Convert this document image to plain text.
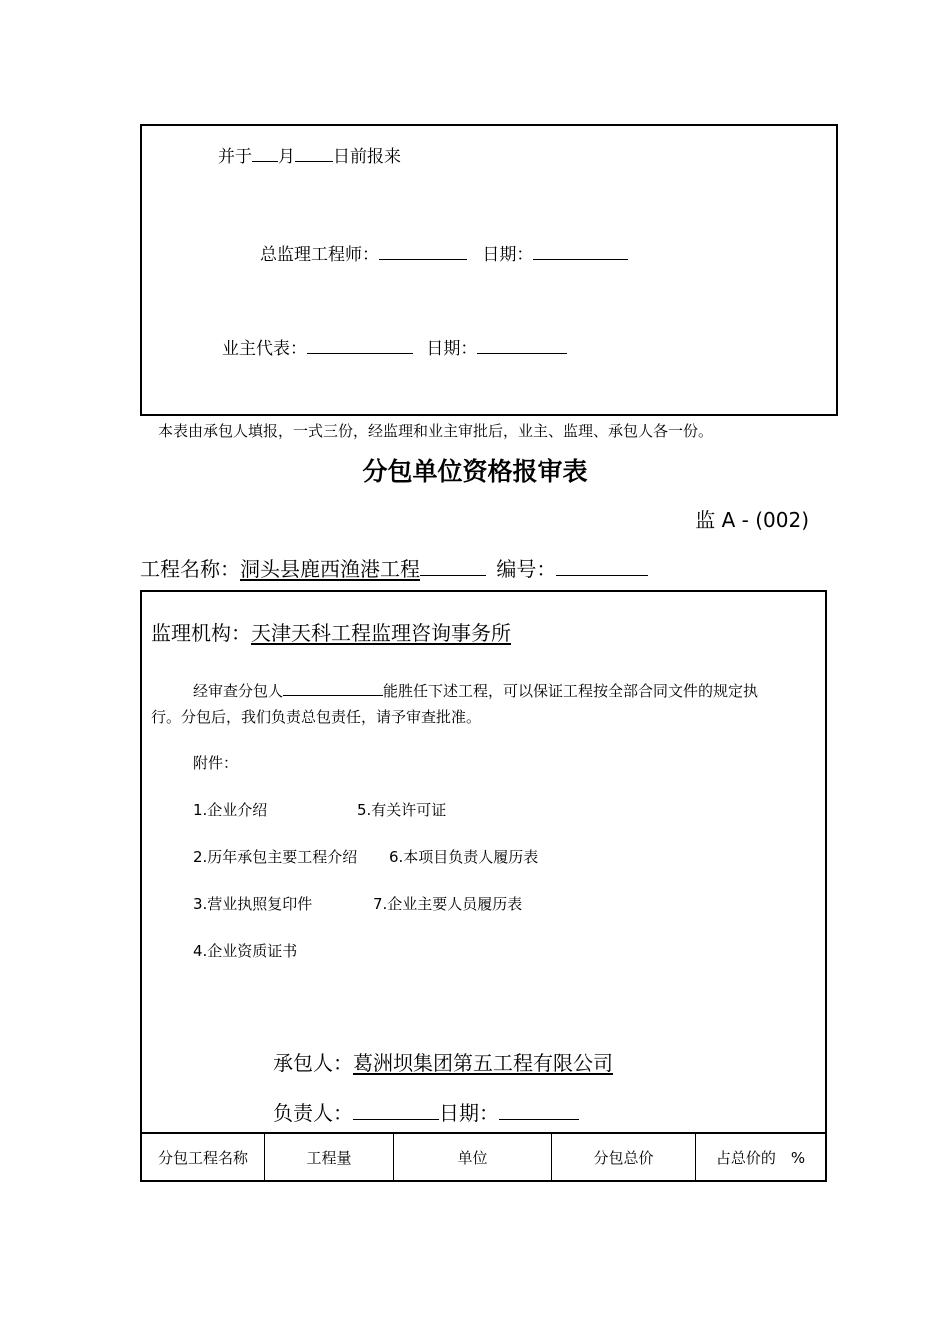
并于 月 日前报来
总监理工程师：	日期：
业主代表：	日期：
本表由承包人填报，一式三份，经监理和业主审批后，业主、监理、承包人各一份。
分包单位资格报审表
监 A - (002)
工程名称：洞头县鹿西渔港工程	编号：
监理机构：天津天科工程监理咨询事务所
经审查分包人	能胜任下述工程，可以保证工程按全部合同文件的规定执
行。分包后，我们负责总包责任，请予审查批准。
附件：
1.企业介绍	5.有关许可证
2.历年承包主要工程介绍 6.本项目负责人履历表
3.营业执照复印件	7.企业主要人员履历表
4.企业资质证书
承包人：葛洲坝集团第五工程有限公司
负责人：	日期：
分包工程名称	工程量	单位	分包总价	占总价的　%
